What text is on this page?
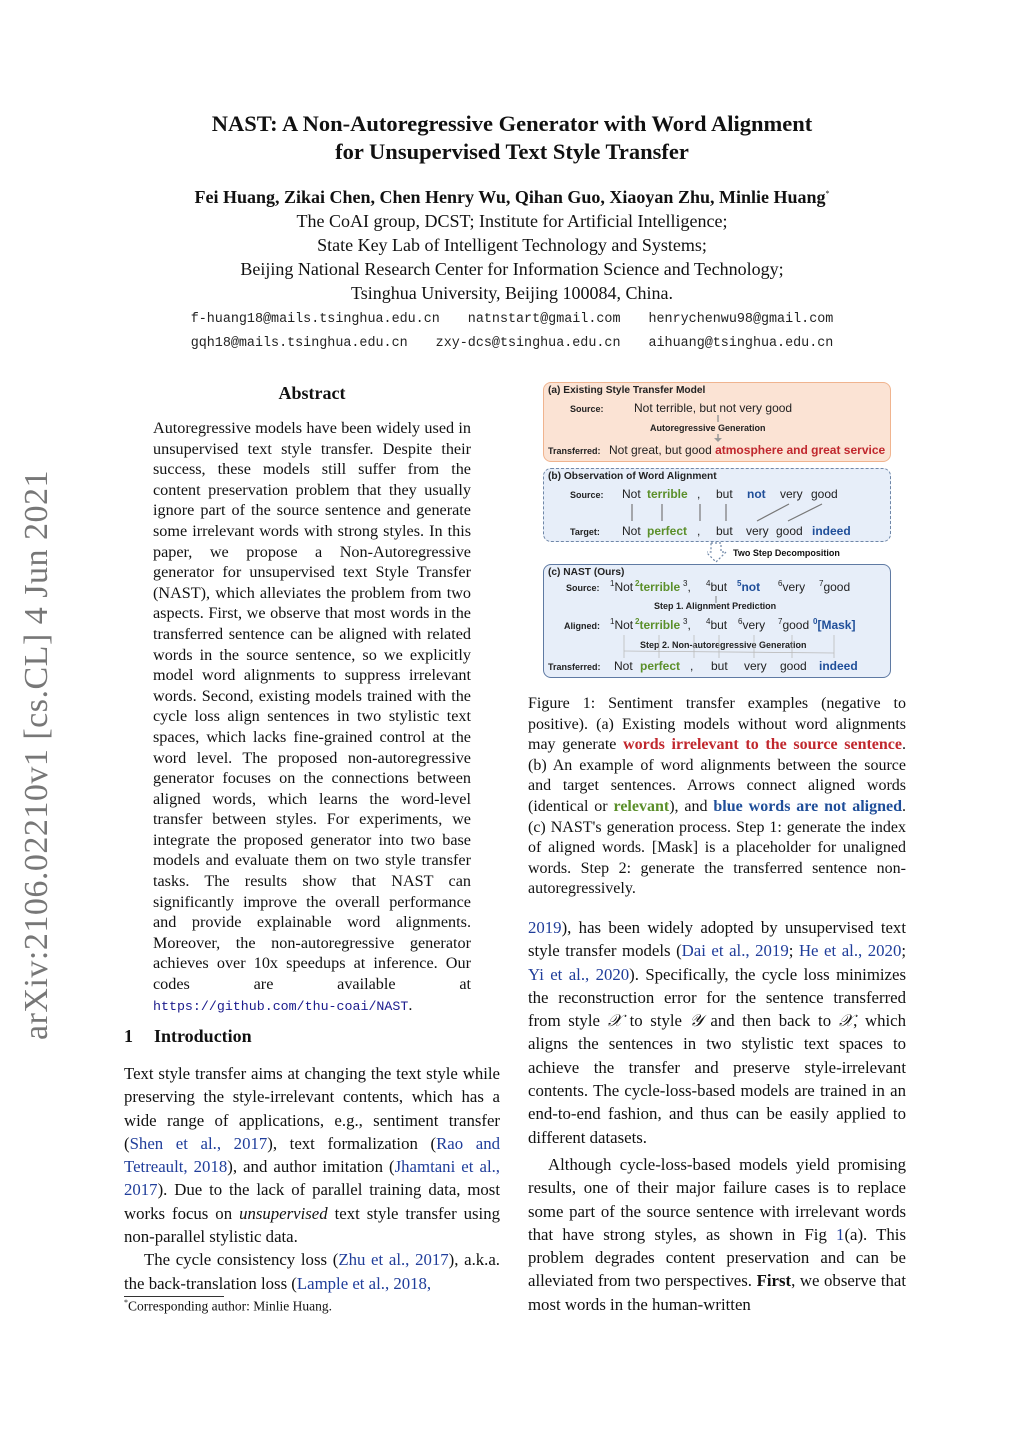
NAST: A Non-Autoregressive Generator with Word Alignment
for Unsupervised Text Style Transfer
Fei Huang, Zikai Chen, Chen Henry Wu, Qihan Guo, Xiaoyan Zhu, Minlie Huang*
The CoAI group, DCST; Institute for Artificial Intelligence;
State Key Lab of Intelligent Technology and Systems;
Beijing National Research Center for Information Science and Technology;
Tsinghua University, Beijing 100084, China.
f-huang18@mails.tsinghua.edu.cn natnstart@gmail.com henrychenwu98@gmail.com
gqh18@mails.tsinghua.edu.cn zxy-dcs@tsinghua.edu.cn aihuang@tsinghua.edu.cn
arXiv:2106.02210v1 [cs.CL] 4 Jun 2021
Abstract
Autoregressive models have been widely used in unsupervised text style transfer. Despite their success, these models still suffer from the content preservation problem that they usually ignore part of the source sentence and generate some irrelevant words with strong styles. In this paper, we propose a Non-Autoregressive generator for unsupervised text Style Transfer (NAST), which alleviates the problem from two aspects. First, we observe that most words in the transferred sentence can be aligned with related words in the source sentence, so we explicitly model word alignments to suppress irrelevant words. Second, existing models trained with the cycle loss align sentences in two stylistic text spaces, which lacks fine-grained control at the word level. The proposed non-autoregressive generator focuses on the connections between aligned words, which learns the word-level transfer between styles. For experiments, we integrate the proposed generator into two base models and evaluate them on two style transfer tasks. The results show that NAST can significantly improve the overall performance and provide explainable word alignments. Moreover, the non-autoregressive generator achieves over 10x speedups at inference. Our codes are available at https://github.com/thu-coai/NAST.
1 Introduction
Text style transfer aims at changing the text style while preserving the style-irrelevant contents, which has a wide range of applications, e.g., sentiment transfer (Shen et al., 2017), text formalization (Rao and Tetreault, 2018), and author imitation (Jhamtani et al., 2017). Due to the lack of parallel training data, most works focus on unsupervised text style transfer using non-parallel stylistic data.
The cycle consistency loss (Zhu et al., 2017), a.k.a. the back-translation loss (Lample et al., 2018,
*Corresponding author: Minlie Huang.
(a) Existing Style Transfer Model
Source:	Not terrible, but not very good
Autoregressive Generation
Transferred: Not great, but good atmosphere and great service
(b) Observation of Word Alignment
Source: Not terrible , but not very good
Target: Not perfect , but very good indeed
Two Step Decomposition
(c) NAST (Ours)
Source: $^1$Not $^2$terrible $^3$, $^4$but $^5$not $^6$very $^7$good
Step 1. Alignment Prediction
Aligned: $^1$Not $^2$terrible $^3$, $^4$but $^6$very $^7$good $^0$[Mask]
Step 2. Non-autoregressive Generation
Transferred: Not perfect , but very good indeed
Figure 1: Sentiment transfer examples (negative to positive). (a) Existing models without word alignments may generate words irrelevant to the source sentence. (b) An example of word alignments between the source and target sentences. Arrows connect aligned words (identical or relevant), and blue words are not aligned. (c) NAST's generation process. Step 1: generate the index of aligned words. [Mask] is a placeholder for unaligned words. Step 2: generate the transferred sentence non-autoregressively.

2019), has been widely adopted by unsupervised text style transfer models (Dai et al., 2019; He et al., 2020; Yi et al., 2020). Specifically, the cycle loss minimizes the reconstruction error for the sentence transferred from style 𝒳 to style 𝒴 and then back to 𝒳, which aligns the sentences in two stylistic text spaces to achieve the transfer and preserve style-irrelevant contents. The cycle-loss-based models are trained in an end-to-end fashion, and thus can be easily applied to different datasets.

Although cycle-loss-based models yield promising results, one of their major failure cases is to replace some part of the source sentence with irrelevant words that have strong styles, as shown in Fig 1(a). This problem degrades content preservation and can be alleviated from two perspectives. First, we observe that most words in the human-written
